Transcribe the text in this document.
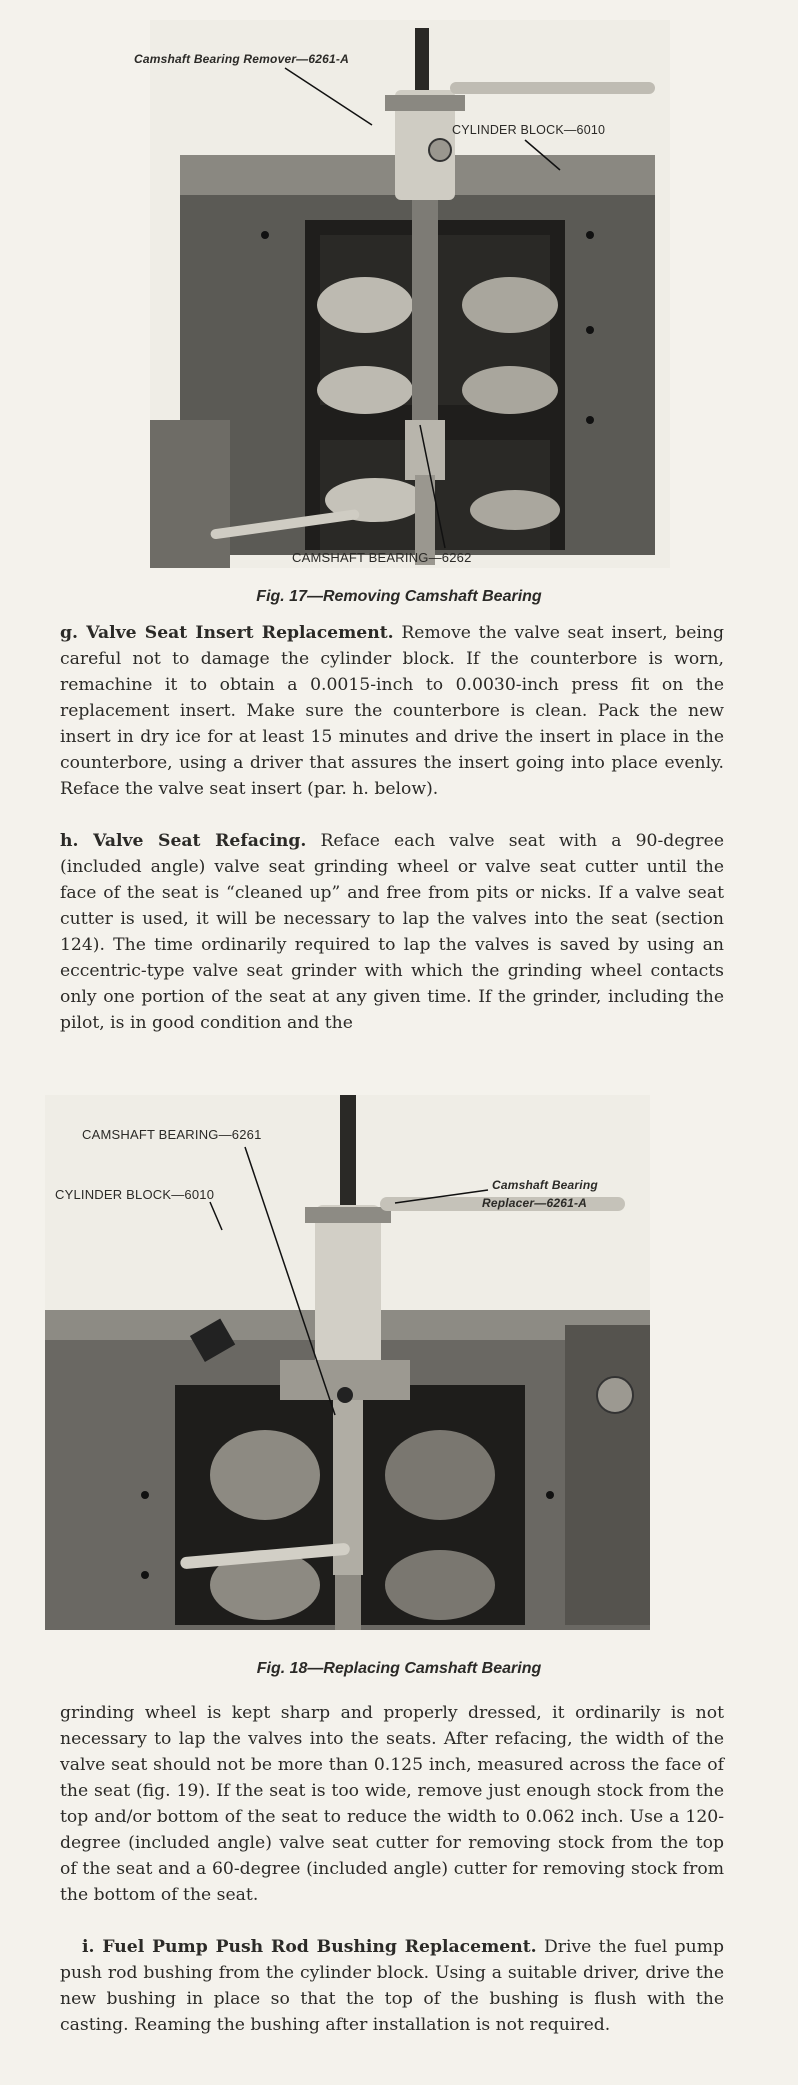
Camshaft Bearing Remover—6261-A
CYLINDER BLOCK—6010
CAMSHAFT BEARING—6262
Fig. 17—Removing Camshaft Bearing
g. Valve Seat Insert Replacement. Remove the valve seat insert, being careful not to damage the cylinder block. If the counterbore is worn, remachine it to obtain a 0.0015-inch to 0.0030-inch press fit on the replacement insert. Make sure the counterbore is clean. Pack the new insert in dry ice for at least 15 minutes and drive the insert in place in the counterbore, using a driver that assures the insert going into place evenly. Reface the valve seat insert (par. h. below).
h. Valve Seat Refacing. Reface each valve seat with a 90-degree (included angle) valve seat grinding wheel or valve seat cutter until the face of the seat is “cleaned up” and free from pits or nicks. If a valve seat cutter is used, it will be necessary to lap the valves into the seat (section 124). The time ordinarily required to lap the valves is saved by using an eccentric-type valve seat grinder with which the grinding wheel contacts only one portion of the seat at any given time. If the grinder, including the pilot, is in good condition and the
CAMSHAFT BEARING—6261
CYLINDER BLOCK—6010
Camshaft Bearing
Replacer—6261-A
Fig. 18—Replacing Camshaft Bearing
grinding wheel is kept sharp and properly dressed, it ordinarily is not necessary to lap the valves into the seats. After refacing, the width of the valve seat should not be more than 0.125 inch, measured across the face of the seat (fig. 19). If the seat is too wide, remove just enough stock from the top and/or bottom of the seat to reduce the width to 0.062 inch. Use a 120-degree (included angle) valve seat cutter for removing stock from the top of the seat and a 60-degree (included angle) cutter for removing stock from the bottom of the seat.
i. Fuel Pump Push Rod Bushing Replacement. Drive the fuel pump push rod bushing from the cylinder block. Using a suitable driver, drive the new bushing in place so that the top of the bushing is flush with the casting. Reaming the bushing after installation is not required.
